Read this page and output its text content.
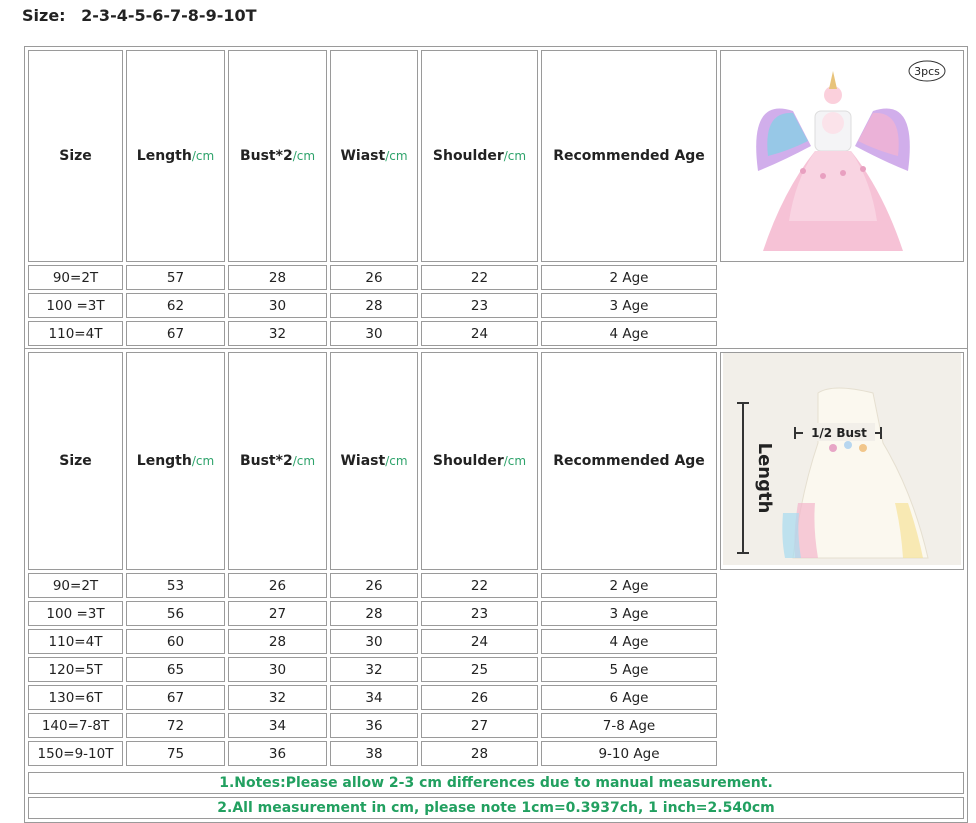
Size: 2-3-4-5-6-7-8-9-10T
Size	Length/cm	Bust*2/cm	Wiast/cm	Shoulder/cm	Recommended Age	3pcs

90=2T	57	28	26	22	2 Age	
100 =3T	62	30	28	23	3 Age	
110=4T	67	32	30	24	4 Age	

Size	Length/cm	Bust*2/cm	Wiast/cm	Shoulder/cm	Recommended Age	Length
1/2 Bust

90=2T	53	26	26	22	2 Age	
100 =3T	56	27	28	23	3 Age	
110=4T	60	28	30	24	4 Age	
120=5T	65	30	32	25	5 Age	
130=6T	67	32	34	26	6 Age	
140=7-8T	72	34	36	27	7-8 Age	
150=9-10T	75	36	38	28	9-10 Age	
1.Notes:Please allow 2-3 cm differences due to manual measurement.
2.All measurement in cm, please note 1cm=0.3937ch, 1 inch=2.540cm
